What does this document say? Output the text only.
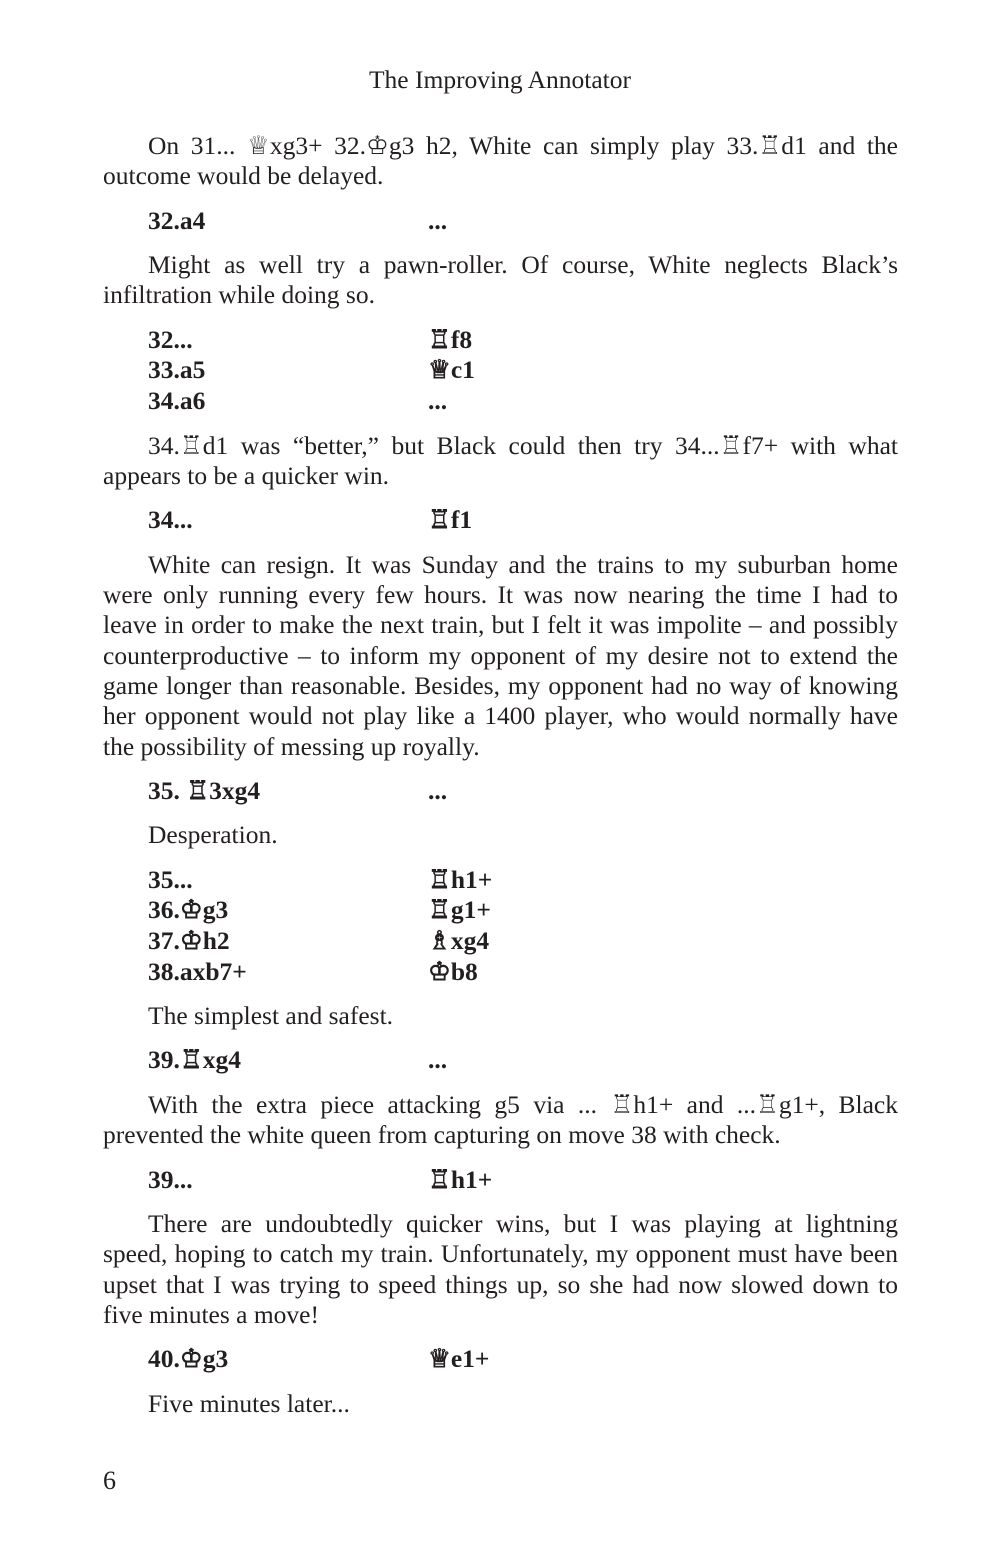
The Improving Annotator

On 31... ♕xg3+ 32.♔g3 h2, White can simply play 33.♖d1 and the outcome would be delayed.

32.a4	...

Might as well try a pawn-roller. Of course, White neglects Black’s infiltration while doing so.

32...	♖f8
33.a5	♕c1
34.a6	...

34.♖d1 was “better,” but Black could then try 34...♖f7+ with what appears to be a quicker win.

34...	♖f1

White can resign. It was Sunday and the trains to my suburban home were only running every few hours. It was now nearing the time I had to leave in order to make the next train, but I felt it was impolite – and possibly counterproductive – to inform my opponent of my desire not to extend the game longer than reasonable. Besides, my opponent had no way of knowing her opponent would not play like a 1400 player, who would normally have the possibility of messing up royally.

35. ♖3xg4	...

Desperation.

35...	♖h1+
36.♔g3	♖g1+
37.♔h2	♗xg4
38.axb7+	♔b8

The simplest and safest.

39.♖xg4	...

With the extra piece attacking g5 via ... ♖h1+ and ...♖g1+, Black prevented the white queen from capturing on move 38 with check.

39...	♖h1+

There are undoubtedly quicker wins, but I was playing at lightning speed, hoping to catch my train. Unfortunately, my opponent must have been upset that I was trying to speed things up, so she had now slowed down to five minutes a move!

40.♔g3	♕e1+

Five minutes later...

6
